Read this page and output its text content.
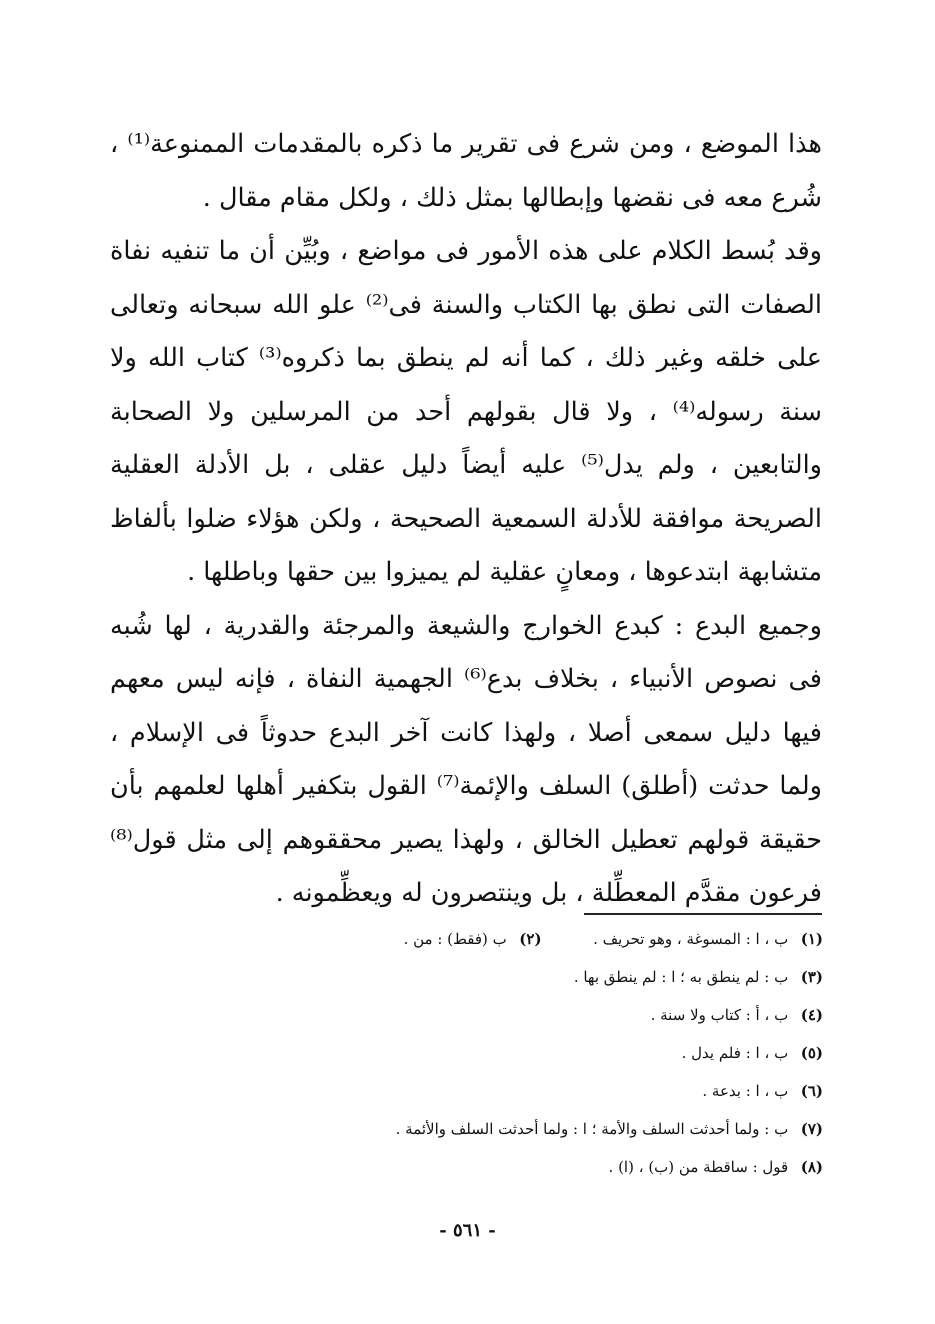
هذا الموضع ، ومن شرع فى تقرير ما ذكره بالمقدمات الممنوعة⁽¹⁾ ، شُرع معه فى نقضها وإبطالها بمثل ذلك ، ولكل مقام مقال .

وقد بُسط الكلام على هذه الأمور فى مواضع ، وبُيِّن أن ما تنفيه نفاة الصفات التى نطق بها الكتاب والسنة فى⁽²⁾ علو الله سبحانه وتعالى على خلقه وغير ذلك ، كما أنه لم ينطق بما ذكروه⁽³⁾ كتاب الله ولا سنة رسوله⁽⁴⁾ ، ولا قال بقولهم أحد من المرسلين ولا الصحابة والتابعين ، ولم يدل⁽⁵⁾ عليه أيضاً دليل عقلى ، بل الأدلة العقلية الصريحة موافقة للأدلة السمعية الصحيحة ، ولكن هؤلاء ضلوا بألفاظ متشابهة ابتدعوها ، ومعانٍ عقلية لم يميزوا بين حقها وباطلها .

وجميع البدع : كبدع الخوارج والشيعة والمرجئة والقدرية ، لها شُبه فى نصوص الأنبياء ، بخلاف بدع⁽⁶⁾ الجهمية النفاة ، فإنه ليس معهم فيها دليل سمعى أصلا ، ولهذا كانت آخر البدع حدوثاً فى الإسلام ، ولما حدثت (أطلق) السلف والإئمة⁽⁷⁾ القول بتكفير أهلها لعلمهم بأن حقيقة قولهم تعطيل الخالق ، ولهذا يصير محققوهم إلى مثل قول⁽⁸⁾ فرعون مقدَّم المعطِّلة ، بل وينتصرون له ويعظِّمونه .

(١) ب ، ا : المسوغة ، وهو تحريف .  (٢) ب (فقط) : من .
(٣) ب : لم ينطق به ؛ ا : لم ينطق بها .
(٤) ب ، أ : كتاب ولا سنة .
(٥) ب ، ا : فلم يدل .
(٦) ب ، ا : بدعة .
(٧) ب : ولما أحدثت السلف والأمة ؛ ا : ولما أحدثت السلف والأئمة .
(٨) قول : ساقطة من (ب) ، (ا) .
- ٥٦١ -
